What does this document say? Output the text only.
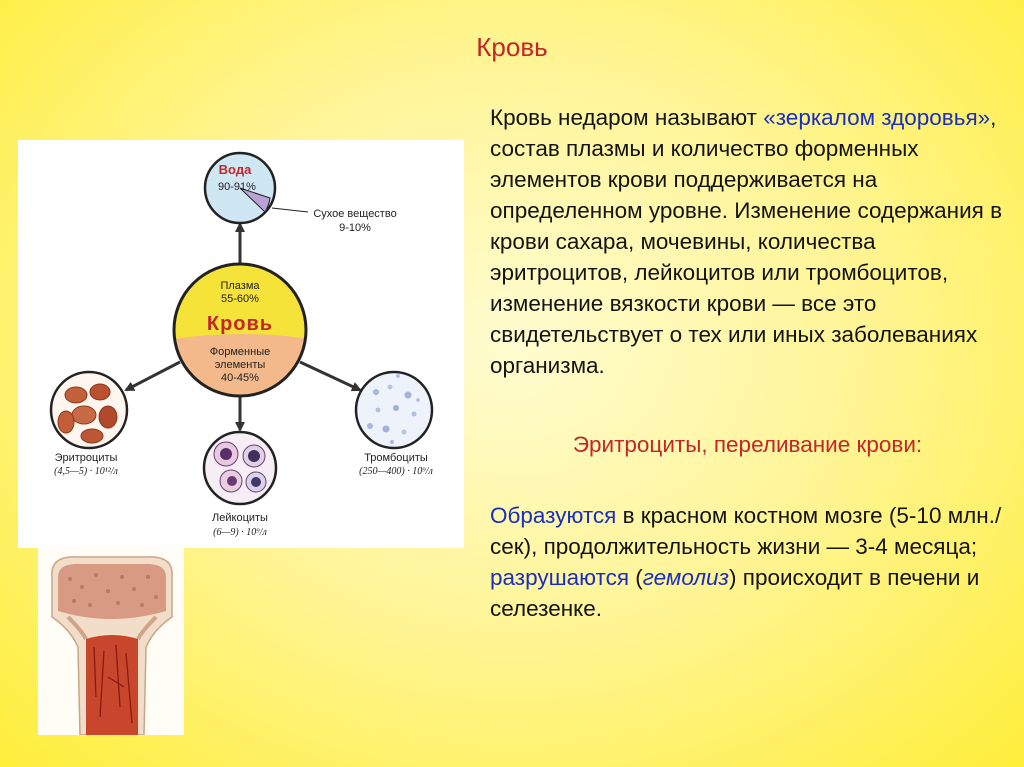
Кровь
Кровь недаром называют «зеркалом здоровья», состав плазмы и количество форменных элементов крови поддерживается на определенном уровне. Изменение содержания в крови сахара, мочевины, количества эритроцитов, лейкоцитов или тромбоцитов, изменение вязкости крови — все это свидетельствует о тех или иных заболеваниях организма.
Эритроциты, переливание крови:
Образуются в красном костном мозге (5-10 млн./сек), продолжительность жизни — 3-4 месяца;
разрушаются (гемолиз) происходит в печени и селезенке.
Плазма
55-60%
Кровь
Форменные
элементы
40-45%
Вода
90-91%
Сухое вещество
9-10%
Эритроциты
(4,5—5) · 10¹²/л
Лейкоциты
(6—9) · 10⁹/л
Тромбоциты
(250—400) · 10⁹/л
